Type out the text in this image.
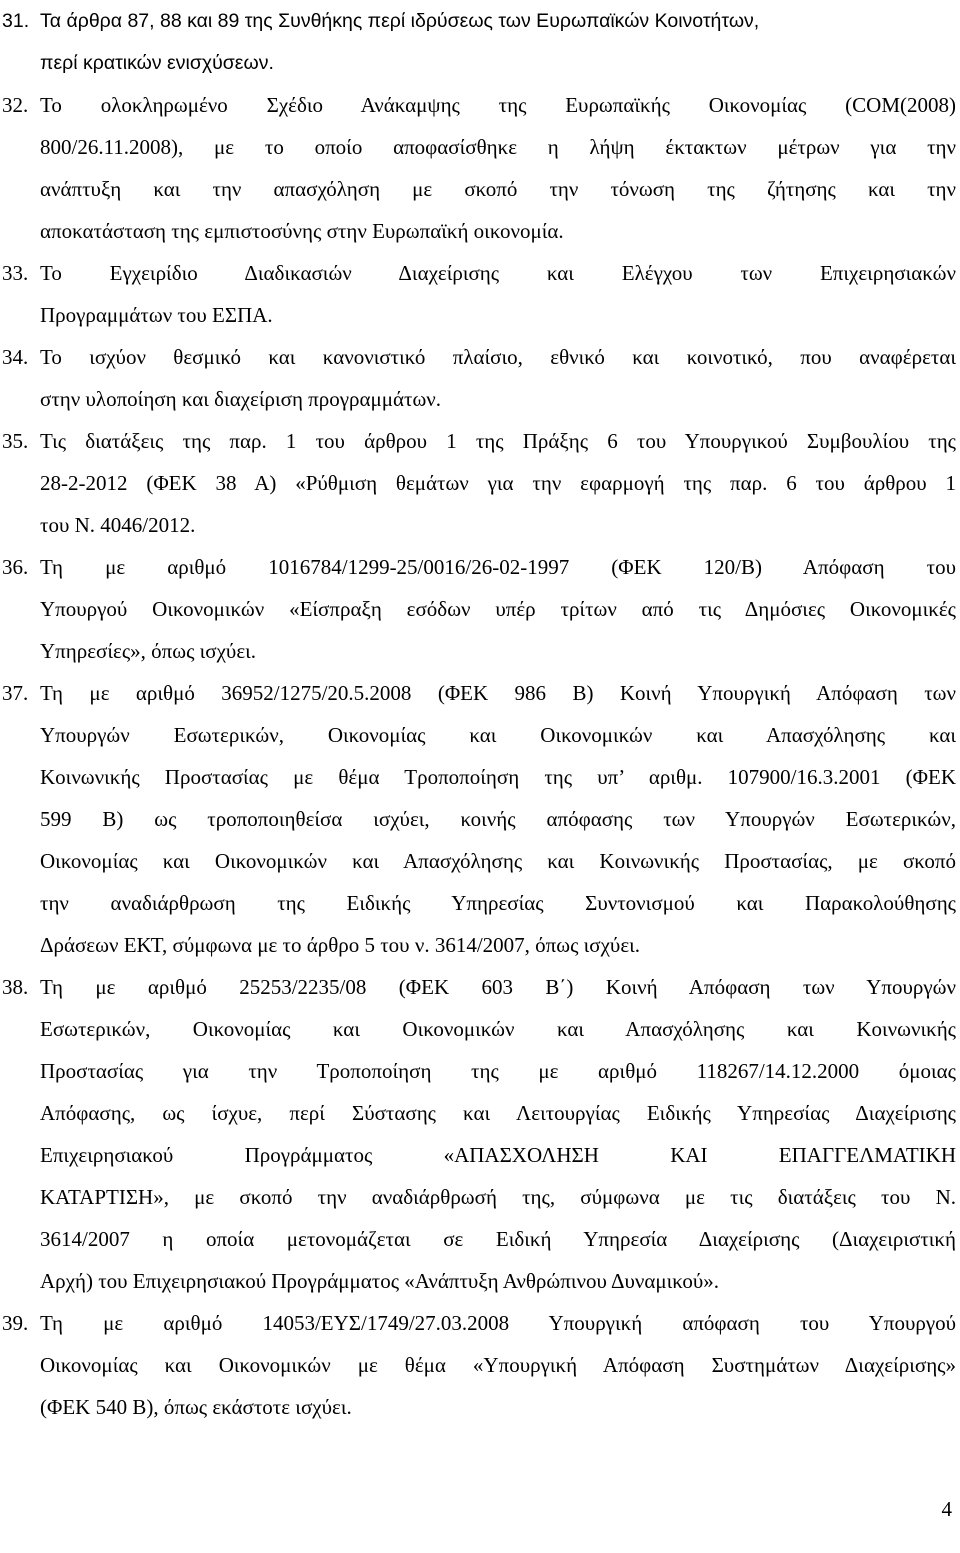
31. Τα άρθρα 87, 88 και 89 της Συνθήκης περί ιδρύσεως των Ευρωπαϊκών Κοινοτήτων,
περί κρατικών ενισχύσεων.
32. Το ολοκληρωμένο Σχέδιο Ανάκαμψης της Ευρωπαϊκής Οικονομίας (COM(2008)
800/26.11.2008), με το οποίο αποφασίσθηκε η λήψη έκτακτων μέτρων για την
ανάπτυξη και την απασχόληση με σκοπό την τόνωση της ζήτησης και την
αποκατάσταση της εμπιστοσύνης στην Ευρωπαϊκή οικονομία.
33. Το Εγχειρίδιο Διαδικασιών Διαχείρισης και Ελέγχου των Επιχειρησιακών
Προγραμμάτων του ΕΣΠΑ.
34. Το ισχύον θεσμικό και κανονιστικό πλαίσιο, εθνικό και κοινοτικό, που αναφέρεται
στην υλοποίηση και διαχείριση προγραμμάτων.
35. Τις διατάξεις της παρ. 1 του άρθρου 1 της Πράξης 6 του Υπουργικού Συμβουλίου της
28-2-2012 (ΦΕΚ 38 Α) «Ρύθμιση θεμάτων για την εφαρμογή της παρ. 6 του άρθρου 1
του Ν. 4046/2012.
36. Τη με αριθμό 1016784/1299-25/0016/26-02-1997 (ΦΕΚ 120/Β) Απόφαση του
Υπουργού Οικονομικών «Είσπραξη εσόδων υπέρ τρίτων από τις Δημόσιες Οικονομικές
Υπηρεσίες», όπως ισχύει.
37. Τη με αριθμό 36952/1275/20.5.2008 (ΦΕΚ 986 Β) Κοινή Υπουργική Απόφαση των
Υπουργών Εσωτερικών, Οικονομίας και Οικονομικών και Απασχόλησης και
Κοινωνικής Προστασίας με θέμα Τροποποίηση της υπ’ αριθμ. 107900/16.3.2001 (ΦΕΚ
599 Β) ως τροποποιηθείσα ισχύει, κοινής απόφασης των Υπουργών Εσωτερικών,
Οικονομίας και Οικονομικών και Απασχόλησης και Κοινωνικής Προστασίας, με σκοπό
την αναδιάρθρωση της Ειδικής Υπηρεσίας Συντονισμού και Παρακολούθησης
Δράσεων ΕΚΤ, σύμφωνα με το άρθρο 5 του ν. 3614/2007, όπως ισχύει.
38. Τη με αριθμό 25253/2235/08 (ΦΕΚ 603 Β΄) Κοινή Απόφαση των Υπουργών
Εσωτερικών, Οικονομίας και Οικονομικών και Απασχόλησης και Κοινωνικής
Προστασίας για την Τροποποίηση της με αριθμό 118267/14.12.2000 όμοιας
Απόφασης, ως ίσχυε, περί Σύστασης και Λειτουργίας Ειδικής Υπηρεσίας Διαχείρισης
Επιχειρησιακού Προγράμματος «ΑΠΑΣΧΟΛΗΣΗ ΚΑΙ ΕΠΑΓΓΕΛΜΑΤΙΚΗ
ΚΑΤΑΡΤΙΣΗ», με σκοπό την αναδιάρθρωσή της, σύμφωνα με τις διατάξεις του Ν.
3614/2007 η οποία μετονομάζεται σε Ειδική Υπηρεσία Διαχείρισης (Διαχειριστική
Αρχή) του Επιχειρησιακού Προγράμματος «Ανάπτυξη Ανθρώπινου Δυναμικού».
39. Τη με αριθμό 14053/ΕΥΣ/1749/27.03.2008 Υπουργική απόφαση του Υπουργού
Οικονομίας και Οικονομικών με θέμα «Υπουργική Απόφαση Συστημάτων Διαχείρισης»
(ΦΕΚ 540 Β), όπως εκάστοτε ισχύει.
4
